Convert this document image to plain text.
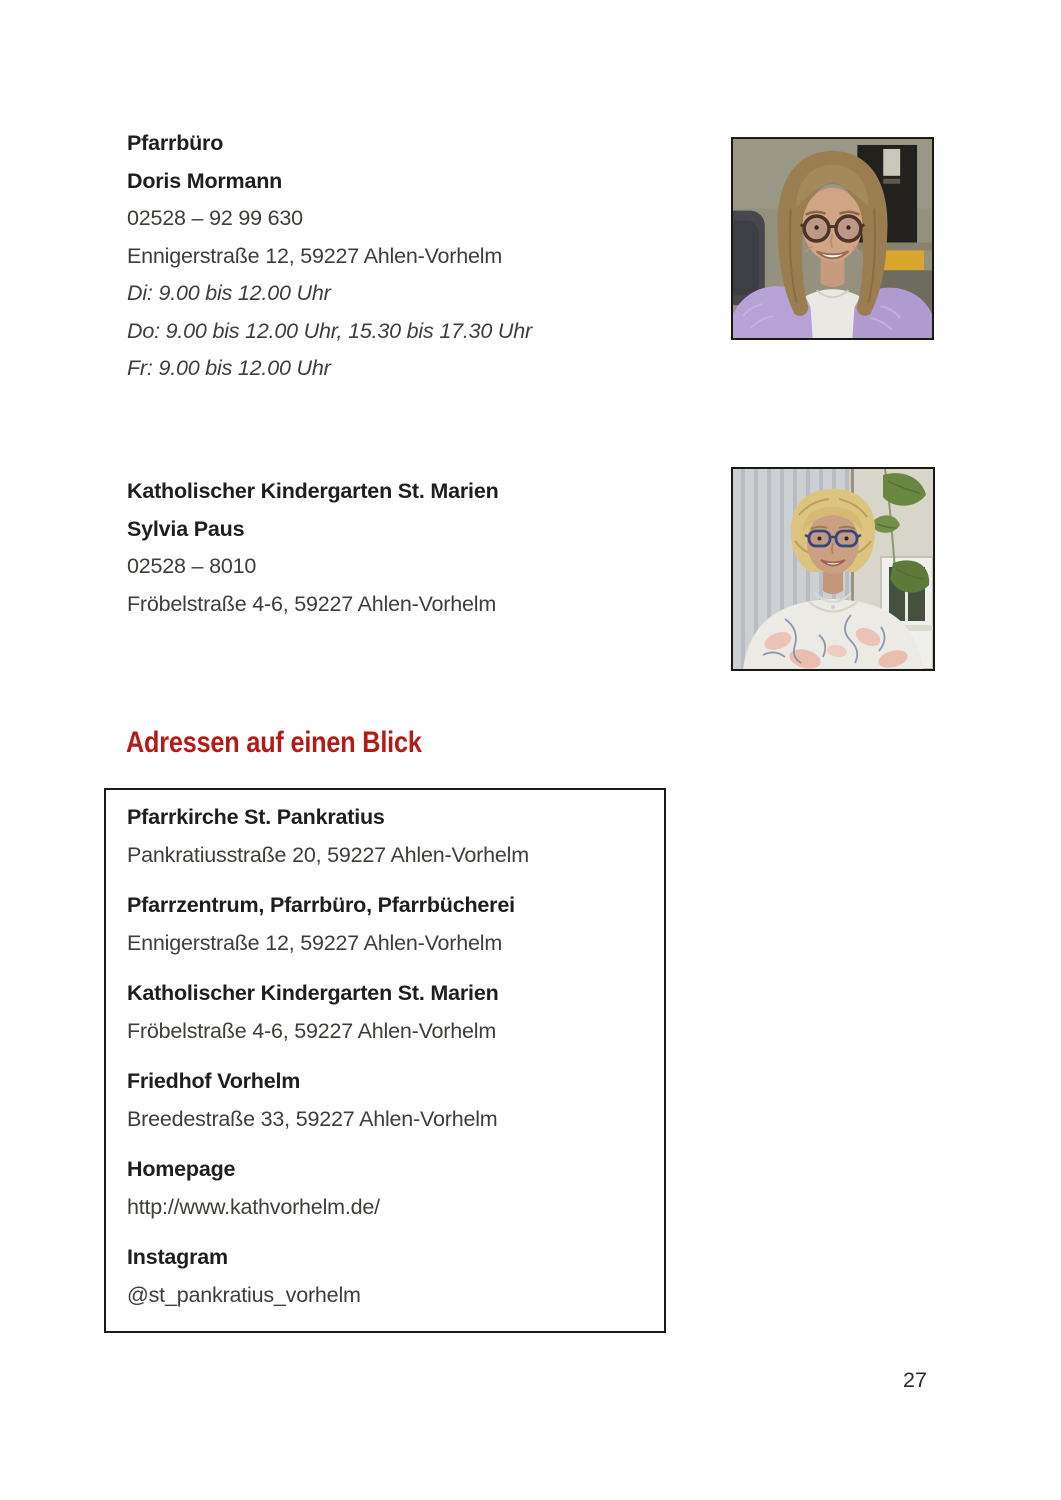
Pfarrbüro
Doris Mormann
02528 – 92 99 630
Ennigerstraße 12, 59227 Ahlen-Vorhelm
Di: 9.00 bis 12.00 Uhr
Do: 9.00 bis 12.00 Uhr, 15.30 bis 17.30 Uhr
Fr: 9.00 bis 12.00 Uhr
Katholischer Kindergarten St. Marien
Sylvia Paus
02528 – 8010
Fröbelstraße 4-6, 59227 Ahlen-Vorhelm
Adressen auf einen Blick
Pfarrkirche St. Pankratius
Pankratiusstraße 20, 59227 Ahlen-Vorhelm
Pfarrzentrum, Pfarrbüro, Pfarrbücherei
Ennigerstraße 12, 59227 Ahlen-Vorhelm
Katholischer Kindergarten St. Marien
Fröbelstraße 4-6, 59227 Ahlen-Vorhelm
Friedhof Vorhelm
Breedestraße 33, 59227 Ahlen-Vorhelm
Homepage
http://www.kathvorhelm.de/
Instagram
@st_pankratius_vorhelm
27
